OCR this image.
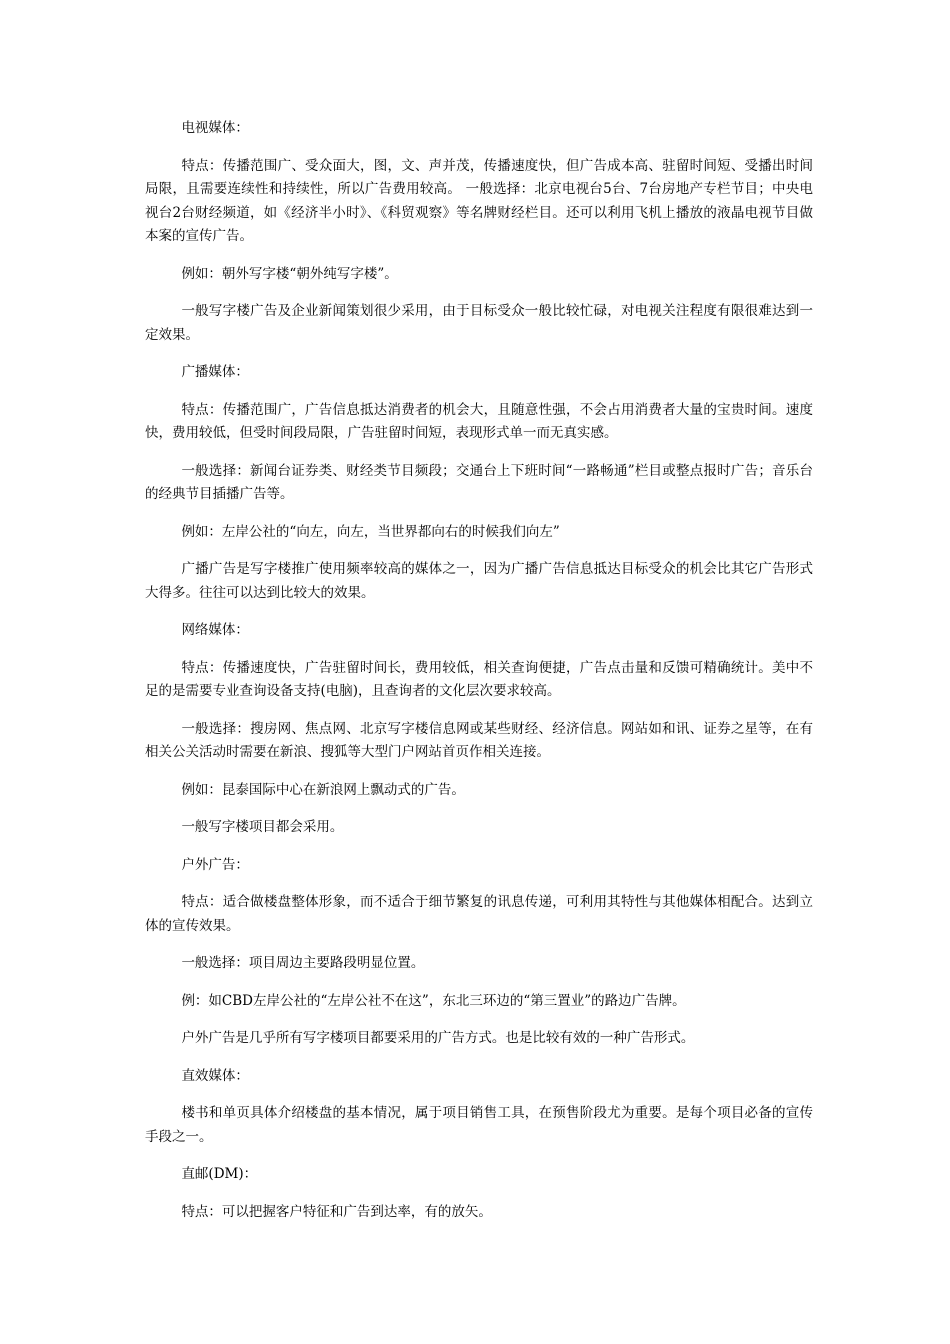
电视媒体：

特点：传播范围广、受众面大，图，文、声并茂，传播速度快，但广告成本高、驻留时间短、受播出时间局限，且需要连续性和持续性，所以广告费用较高。 一般选择：北京电视台5台、7台房地产专栏节目；中央电视台2台财经频道，如《经济半小时》、《科贸观察》等名牌财经栏目。还可以利用飞机上播放的液晶电视节目做本案的宣传广告。

例如：朝外写字楼“朝外纯写字楼”。

一般写字楼广告及企业新闻策划很少采用，由于目标受众一般比较忙碌，对电视关注程度有限很难达到一定效果。

广播媒体：

特点：传播范围广，广告信息抵达消费者的机会大，且随意性强，不会占用消费者大量的宝贵时间。速度快，费用较低，但受时间段局限，广告驻留时间短，表现形式单一而无真实感。

一般选择：新闻台证券类、财经类节目频段；交通台上下班时间“一路畅通”栏目或整点报时广告；音乐台的经典节目插播广告等。

例如：左岸公社的“向左，向左，当世界都向右的时候我们向左”

广播广告是写字楼推广使用频率较高的媒体之一，因为广播广告信息抵达目标受众的机会比其它广告形式大得多。往往可以达到比较大的效果。

网络媒体：

特点：传播速度快，广告驻留时间长，费用较低，相关查询便捷，广告点击量和反馈可精确统计。美中不足的是需要专业查询设备支持(电脑)，且查询者的文化层次要求较高。

一般选择：搜房网、焦点网、北京写字楼信息网或某些财经、经济信息。网站如和讯、证券之星等，在有相关公关活动时需要在新浪、搜狐等大型门户网站首页作相关连接。

例如：昆泰国际中心在新浪网上飘动式的广告。

一般写字楼项目都会采用。

户外广告：

特点：适合做楼盘整体形象，而不适合于细节繁复的讯息传递，可利用其特性与其他媒体相配合。达到立体的宣传效果。

一般选择：项目周边主要路段明显位置。

例：如CBD左岸公社的“左岸公社不在这”，东北三环边的“第三置业”的路边广告牌。

户外广告是几乎所有写字楼项目都要采用的广告方式。也是比较有效的一种广告形式。

直效媒体：

楼书和单页具体介绍楼盘的基本情况，属于项目销售工具，在预售阶段尤为重要。是每个项目必备的宣传手段之一。

直邮(DM)：

特点：可以把握客户特征和广告到达率，有的放矢。
